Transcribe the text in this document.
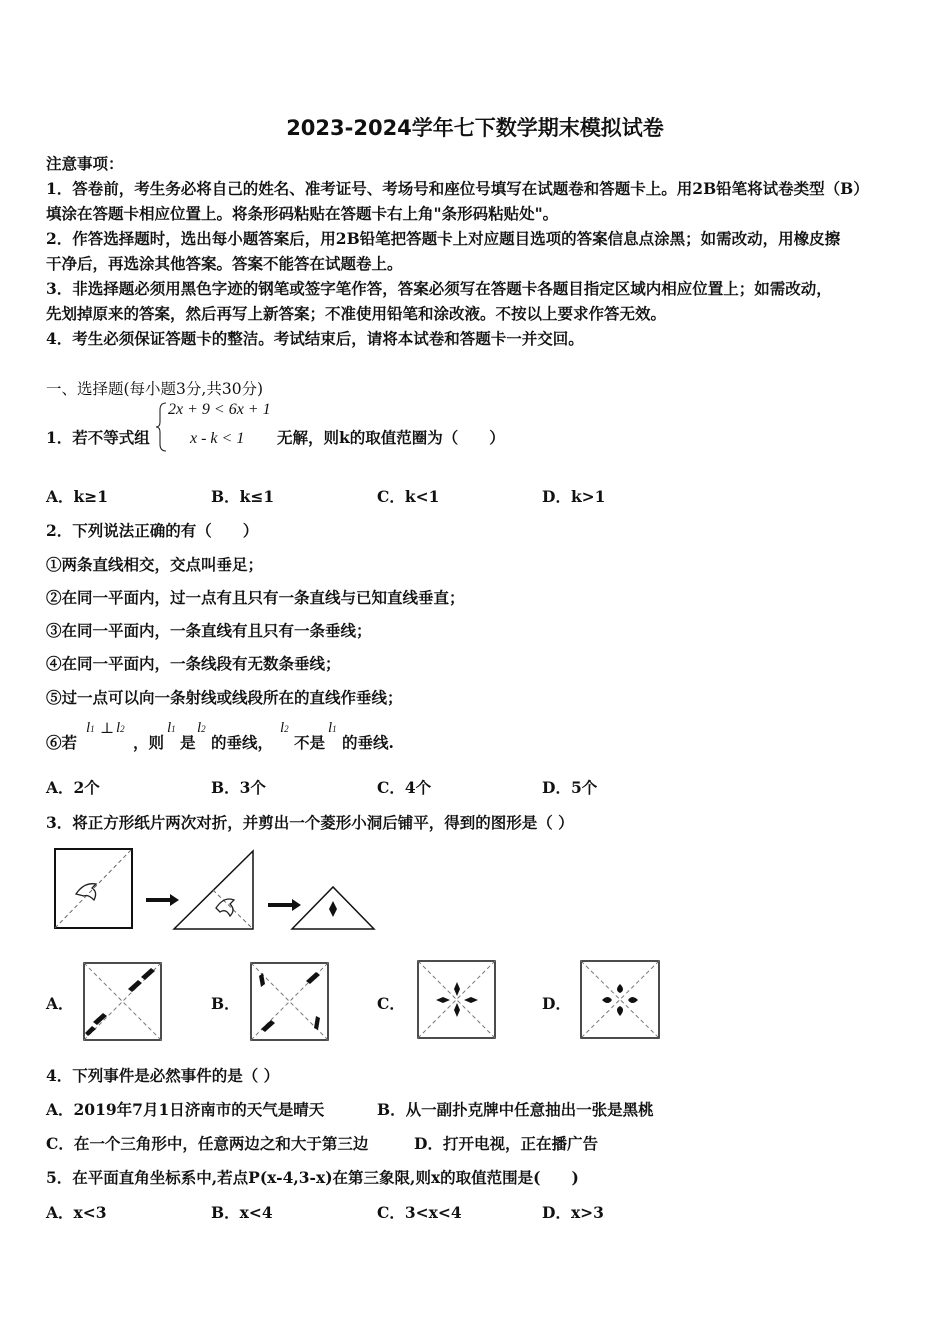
2023-2024学年七下数学期末模拟试卷
注意事项：
1．答卷前，考生务必将自己的姓名、准考证号、考场号和座位号填写在试题卷和答题卡上。用2B铅笔将试卷类型（B）
填涂在答题卡相应位置上。将条形码粘贴在答题卡右上角"条形码粘贴处"。
2．作答选择题时，选出每小题答案后，用2B铅笔把答题卡上对应题目选项的答案信息点涂黑；如需改动，用橡皮擦
干净后，再选涂其他答案。答案不能答在试题卷上。
3．非选择题必须用黑色字迹的钢笔或签字笔作答，答案必须写在答题卡各题目指定区域内相应位置上；如需改动，
先划掉原来的答案，然后再写上新答案；不准使用铅笔和涂改液。不按以上要求作答无效。
4．考生必须保证答题卡的整洁。考试结束后，请将本试卷和答题卡一并交回。
一、选择题(每小题3分,共30分)
1．若不等式组
2x + 9 < 6x + 1
x - k < 1 无解，则k的取值范圈为（　　）
A．k≥1	B．k≤1	C．k<1	D．k>1
2．下列说法正确的有（　　）
①两条直线相交，交点叫垂足；
②在同一平面内，过一点有且只有一条直线与已知直线垂直；
③在同一平面内，一条直线有且只有一条垂线；
④在同一平面内，一条线段有无数条垂线；
⑤过一点可以向一条射线或线段所在的直线作垂线；
⑥若
l1 ⊥ l2
，则
l1
是
l2
的垂线，
l2
不是
l1
的垂线.
A．2个	B．3个	C．4个	D．5个
3．将正方形纸片两次对折，并剪出一个菱形小洞后铺平，得到的图形是（ ）
A．	B．	C．	D．
4．下列事件是必然事件的是（ ）
A．2019年7月1日济南市的天气是晴天	B．从一副扑克牌中任意抽出一张是黑桃
C．在一个三角形中，任意两边之和大于第三边	D．打开电视，正在播广告
5．在平面直角坐标系中,若点P(x-4,3-x)在第三象限,则x的取值范围是(　　)
A．x<3	B．x<4	C．3<x<4	D．x>3
